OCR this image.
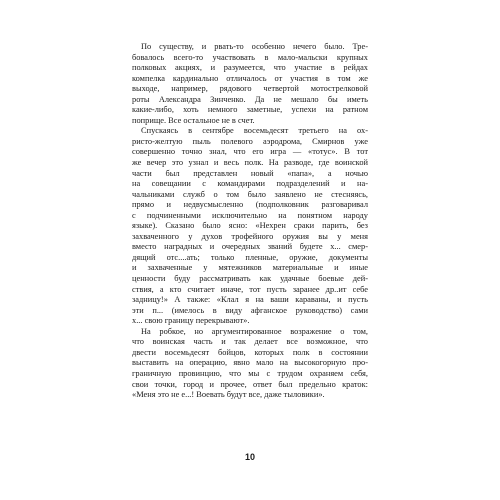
По существу, и рвать-то особенно нечего было. Тре-
бовалось всего-то участвовать в мало-мальски крупных
полковых акциях, и разумеется, что участие в рейдах
компелка кардинально отличалось от участия в том же
выходе, например, рядового четвертой мотострелковой
роты Александра Зинченко. Да не мешало бы иметь
какие-либо, хоть немного заметные, успехи на ратном
поприще. Все остальное не в счет.
Спускаясь в сентябре восемьдесят третьего на ох-
ристо-желтую пыль полевого аэродрома, Смирнов уже
совершенно точно знал, что его игра — «тотус». В тот
же вечер это узнал и весь полк. На разводе, где воинской
части был представлен новый «папа», а ночью
на совещании с командирами подразделений и на-
чальниками служб о том было заявлено не стесняясь,
прямо и недвусмысленно (подполковник разговаривал
с подчиненными исключительно на понятном народу
языке). Сказано было ясно: «Нехрен сраки парить, без
захваченного у духов трофейного оружия вы у меня
вместо наградных и очередных званий будете х... смер-
дящий отс....ать; только пленные, оружие, документы
и захваченные у мятежников материальные и иные
ценности буду рассматривать как удачные боевые дей-
ствия, а кто считает иначе, тот пусть заранее др..ит себе
задницу!» А также: «Клал я на ваши караваны, и пусть
эти п... (имелось в виду афганское руководство) сами
х... свою границу перекрывают».
На робкое, но аргументированное возражение о том,
что воинская часть и так делает все возможное, что
двести восемьдесят бойцов, которых полк в состоянии
выставить на операцию, явно мало на высокогорную про-
граничную провинцию, что мы с трудом охраняем себя,
свои точки, город и прочее, ответ был предельно краток:
«Меня это не е...! Воевать будут все, даже тыловики».
10
